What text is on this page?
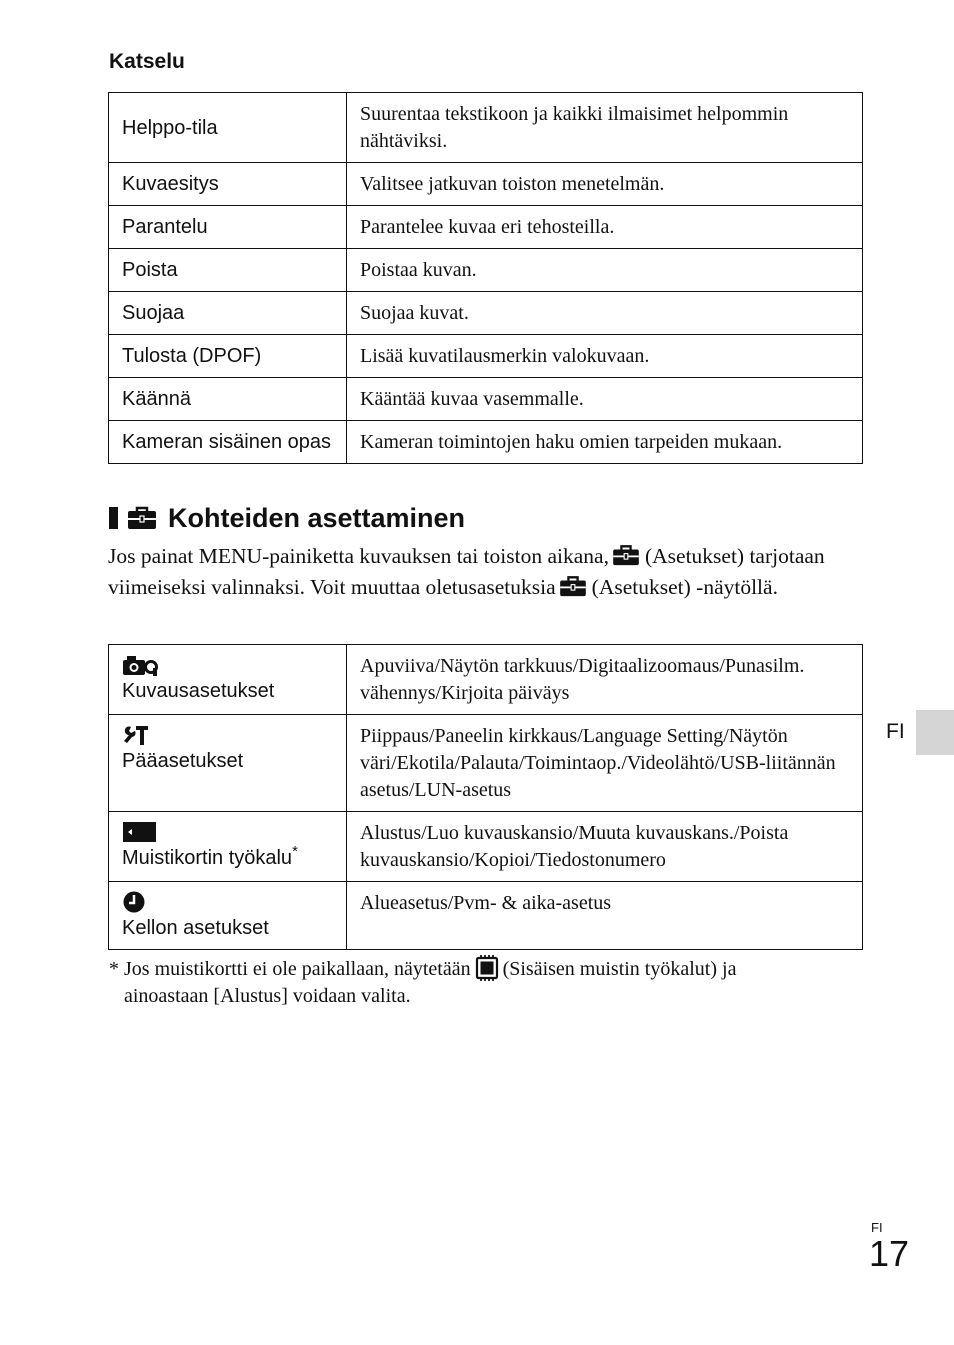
Katselu
Helppo-tila	Suurentaa tekstikoon ja kaikki ilmaisimet helpommin nähtäviksi.
Kuvaesitys	Valitsee jatkuvan toiston menetelmän.
Parantelu	Parantelee kuvaa eri tehosteilla.
Poista	Poistaa kuvan.
Suojaa	Suojaa kuvat.
Tulosta (DPOF)	Lisää kuvatilausmerkin valokuvaan.
Käännä	Kääntää kuvaa vasemmalle.
Kameran sisäinen opas	Kameran toimintojen haku omien tarpeiden mukaan.
Kohteiden asettaminen
Jos painat MENU-painiketta kuvauksen tai toiston aikana, (Asetukset) tarjotaan viimeiseksi valinnaksi. Voit muuttaa oletusasetuksia (Asetukset) -näytöllä.
Kuvausasetukset	Apuviiva/Näytön tarkkuus/Digitaalizoomaus/Punasilm. vähennys/Kirjoita päiväys

Pääasetukset	Piippaus/Paneelin kirkkaus/Language Setting/Näytön väri/Ekotila/Palauta/Toimintaop./Videolähtö/USB-liitännän asetus/LUN-asetus

Muistikortin työkalu*	Alustus/Luo kuvauskansio/Muuta kuvauskans./Poista kuvauskansio/Kopioi/Tiedostonumero

Kellon asetukset	Alueasetus/Pvm- & aika-asetus
* Jos muistikortti ei ole paikallaan, näytetään (Sisäisen muistin työkalut) ja
ainoastaan [Alustus] voidaan valita.
FI
FI
17
